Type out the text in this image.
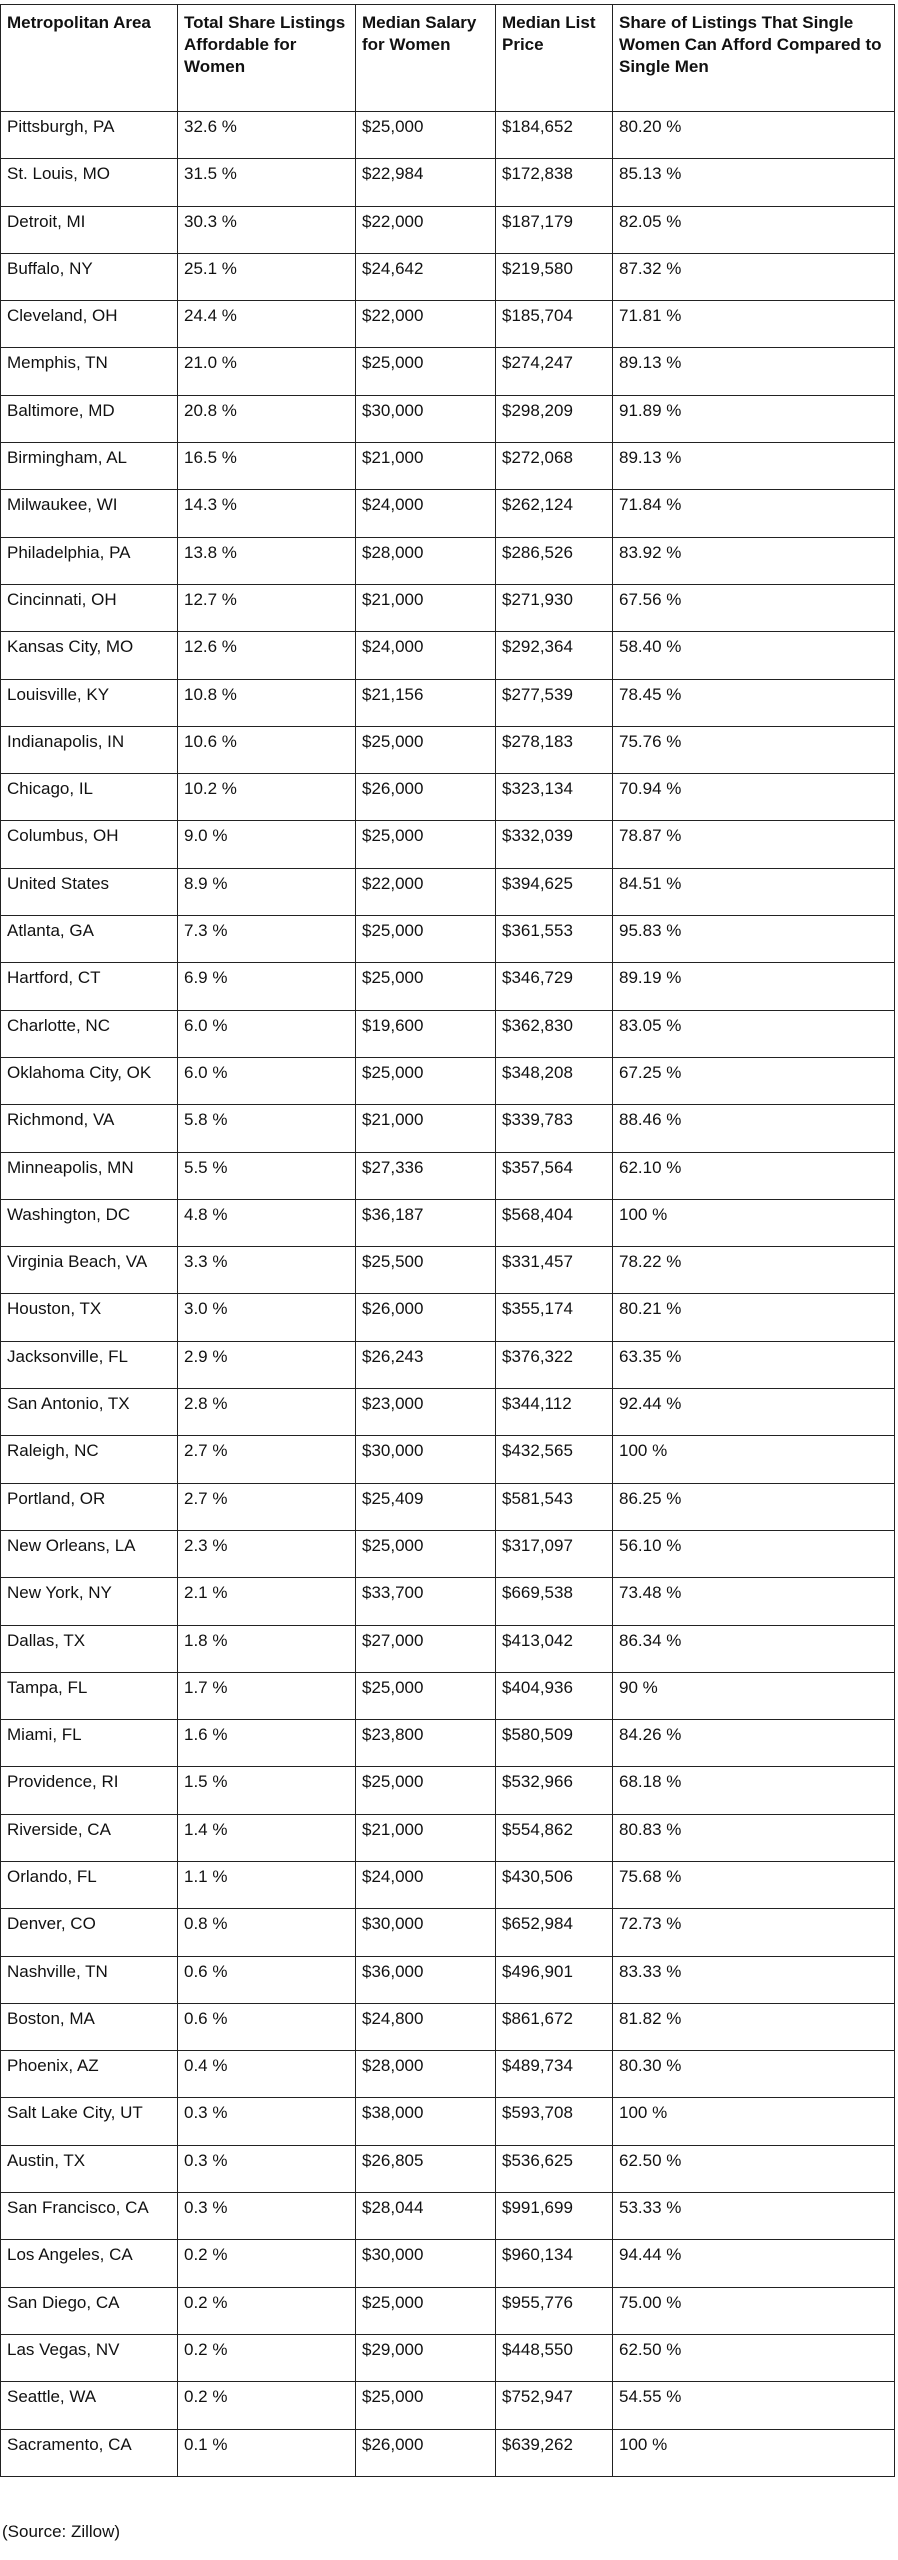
Metropolitan Area	Total Share Listings Affordable for Women	Median Salary for Women	Median List Price	Share of Listings That Single Women Can Afford Compared to Single Men
Pittsburgh, PA	32.6 %	$25,000	$184,652	80.20 %
St. Louis, MO	31.5 %	$22,984	$172,838	85.13 %
Detroit, MI	30.3 %	$22,000	$187,179	82.05 %
Buffalo, NY	25.1 %	$24,642	$219,580	87.32 %
Cleveland, OH	24.4 %	$22,000	$185,704	71.81 %
Memphis, TN	21.0 %	$25,000	$274,247	89.13 %
Baltimore, MD	20.8 %	$30,000	$298,209	91.89 %
Birmingham, AL	16.5 %	$21,000	$272,068	89.13 %
Milwaukee, WI	14.3 %	$24,000	$262,124	71.84 %
Philadelphia, PA	13.8 %	$28,000	$286,526	83.92 %
Cincinnati, OH	12.7 %	$21,000	$271,930	67.56 %
Kansas City, MO	12.6 %	$24,000	$292,364	58.40 %
Louisville, KY	10.8 %	$21,156	$277,539	78.45 %
Indianapolis, IN	10.6 %	$25,000	$278,183	75.76 %
Chicago, IL	10.2 %	$26,000	$323,134	70.94 %
Columbus, OH	9.0 %	$25,000	$332,039	78.87 %
United States	8.9 %	$22,000	$394,625	84.51 %
Atlanta, GA	7.3 %	$25,000	$361,553	95.83 %
Hartford, CT	6.9 %	$25,000	$346,729	89.19 %
Charlotte, NC	6.0 %	$19,600	$362,830	83.05 %
Oklahoma City, OK	6.0 %	$25,000	$348,208	67.25 %
Richmond, VA	5.8 %	$21,000	$339,783	88.46 %
Minneapolis, MN	5.5 %	$27,336	$357,564	62.10 %
Washington, DC	4.8 %	$36,187	$568,404	100 %
Virginia Beach, VA	3.3 %	$25,500	$331,457	78.22 %
Houston, TX	3.0 %	$26,000	$355,174	80.21 %
Jacksonville, FL	2.9 %	$26,243	$376,322	63.35 %
San Antonio, TX	2.8 %	$23,000	$344,112	92.44 %
Raleigh, NC	2.7 %	$30,000	$432,565	100 %
Portland, OR	2.7 %	$25,409	$581,543	86.25 %
New Orleans, LA	2.3 %	$25,000	$317,097	56.10 %
New York, NY	2.1 %	$33,700	$669,538	73.48 %
Dallas, TX	1.8 %	$27,000	$413,042	86.34 %
Tampa, FL	1.7 %	$25,000	$404,936	90 %
Miami, FL	1.6 %	$23,800	$580,509	84.26 %
Providence, RI	1.5 %	$25,000	$532,966	68.18 %
Riverside, CA	1.4 %	$21,000	$554,862	80.83 %
Orlando, FL	1.1 %	$24,000	$430,506	75.68 %
Denver, CO	0.8 %	$30,000	$652,984	72.73 %
Nashville, TN	0.6 %	$36,000	$496,901	83.33 %
Boston, MA	0.6 %	$24,800	$861,672	81.82 %
Phoenix, AZ	0.4 %	$28,000	$489,734	80.30 %
Salt Lake City, UT	0.3 %	$38,000	$593,708	100 %
Austin, TX	0.3 %	$26,805	$536,625	62.50 %
San Francisco, CA	0.3 %	$28,044	$991,699	53.33 %
Los Angeles, CA	0.2 %	$30,000	$960,134	94.44 %
San Diego, CA	0.2 %	$25,000	$955,776	75.00 %
Las Vegas, NV	0.2 %	$29,000	$448,550	62.50 %
Seattle, WA	0.2 %	$25,000	$752,947	54.55 %
Sacramento, CA	0.1 %	$26,000	$639,262	100 %
(Source: Zillow)
